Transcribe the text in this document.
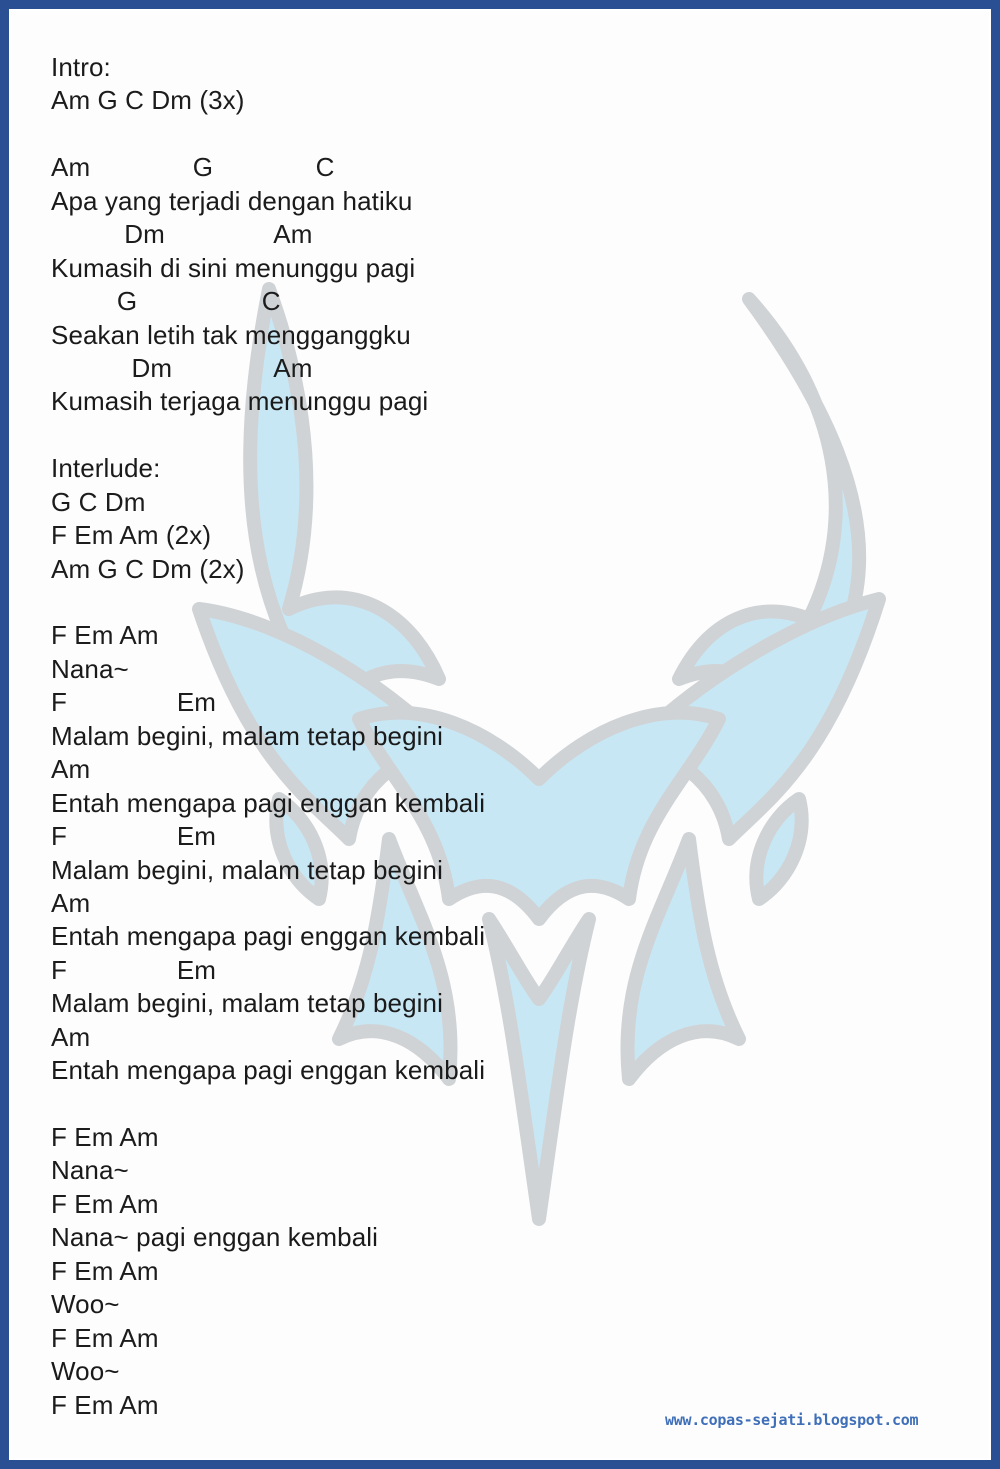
Intro:
Am G C Dm (3x)
Am              G              C
Apa yang terjadi dengan hatiku
Dm               Am
Kumasih di sini menunggu pagi
G                 C
Seakan letih tak mengganggku
Dm              Am
Kumasih terjaga menunggu pagi
Interlude:
G C Dm
F Em Am (2x)
Am G C Dm (2x)
F Em Am
Nana~
F               Em
Malam begini, malam tetap begini
Am
Entah mengapa pagi enggan kembali
F               Em
Malam begini, malam tetap begini
Am
Entah mengapa pagi enggan kembali
F               Em
Malam begini, malam tetap begini
Am
Entah mengapa pagi enggan kembali
F Em Am
Nana~
F Em Am
Nana~ pagi enggan kembali
F Em Am
Woo~
F Em Am
Woo~
F Em Am
www.copas-sejati.blogspot.com
